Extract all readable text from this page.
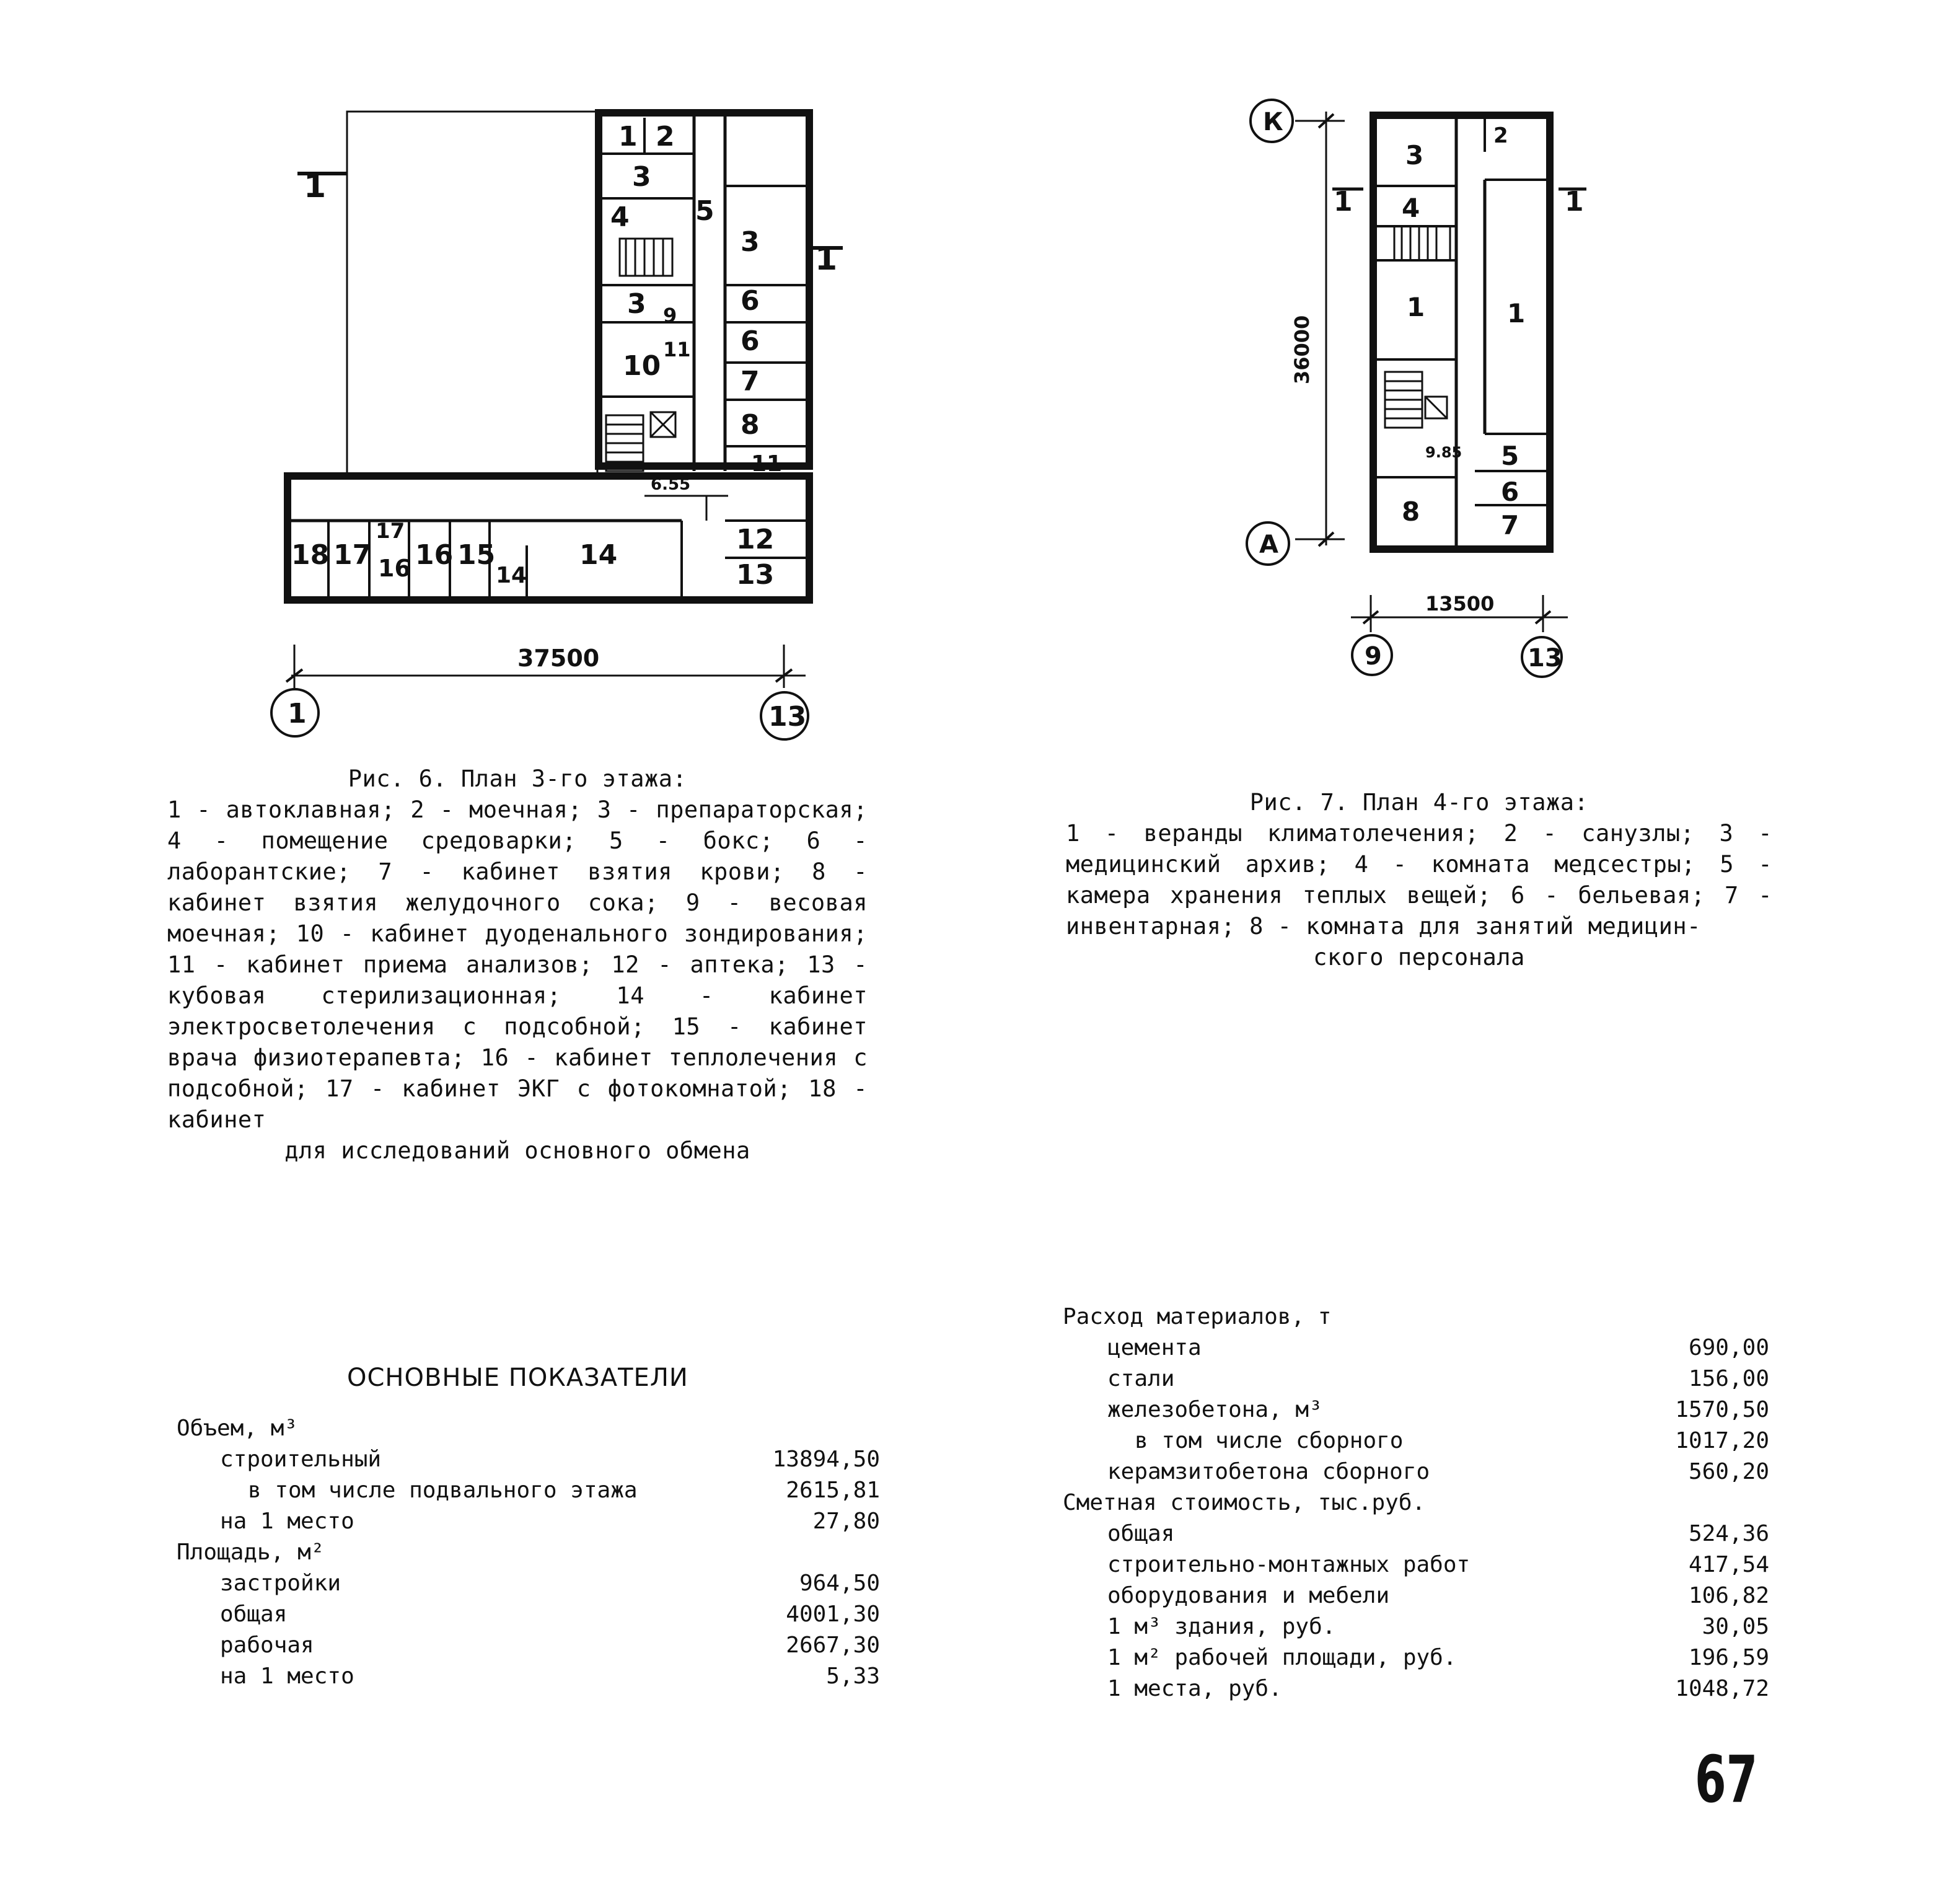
1 2
3
4 5
3
3	6
6
7
8
9
11
10
11
12
13
14
14
15
16
16
17
17
18
6.55
1
1
37500
1	13
3
2
4
1	1
5
8
6
7
9.85
1	1
13500
36000
К
А
9	13
Рис. 6. План 3-го этажа:
1 - автоклавная; 2 - моечная; 3 - препараторская; 4 - помещение средоварки; 5 - бокс; 6 - лаборантские; 7 - кабинет взятия крови; 8 - кабинет взятия желудочного сока; 9 - весовая моечная; 10 - кабинет дуоденального зондирования; 11 - кабинет приема анализов; 12 - аптека; 13 - кубовая стерилизационная; 14 - кабинет электросветолечения с подсобной; 15 - кабинет врача физиотерапевта; 16 - кабинет теплолечения с подсобной; 17 - кабинет ЭКГ с фотокомнатой; 18 - кабинет
для исследований основного обмена
Рис. 7. План 4-го этажа:
1 - веранды климатолечения; 2 - санузлы; 3 - медицинский архив; 4 - комната медсестры; 5 - камера хранения теплых вещей; 6 - бельевая; 7 - инвентарная; 8 - комната для занятий медицин-
ского персонала
ОСНОВНЫЕ ПОКАЗАТЕЛИ
Объем, м³
строительный	13894,50
в том числе подвального этажа	2615,81
на 1 место	27,80
Площадь, м²
застройки	964,50
общая	4001,30
рабочая	2667,30
на 1 место	5,33
Расход материалов, т
цемента	690,00
стали	156,00
железобетона, м³	1570,50
в том числе сборного	1017,20
керамзитобетона сборного	560,20
Сметная стоимость, тыс.руб.
общая	524,36
строительно-монтажных работ	417,54
оборудования и мебели	106,82
1 м³ здания, руб.	30,05
1 м² рабочей площади, руб.	196,59
1 места, руб.	1048,72
67
